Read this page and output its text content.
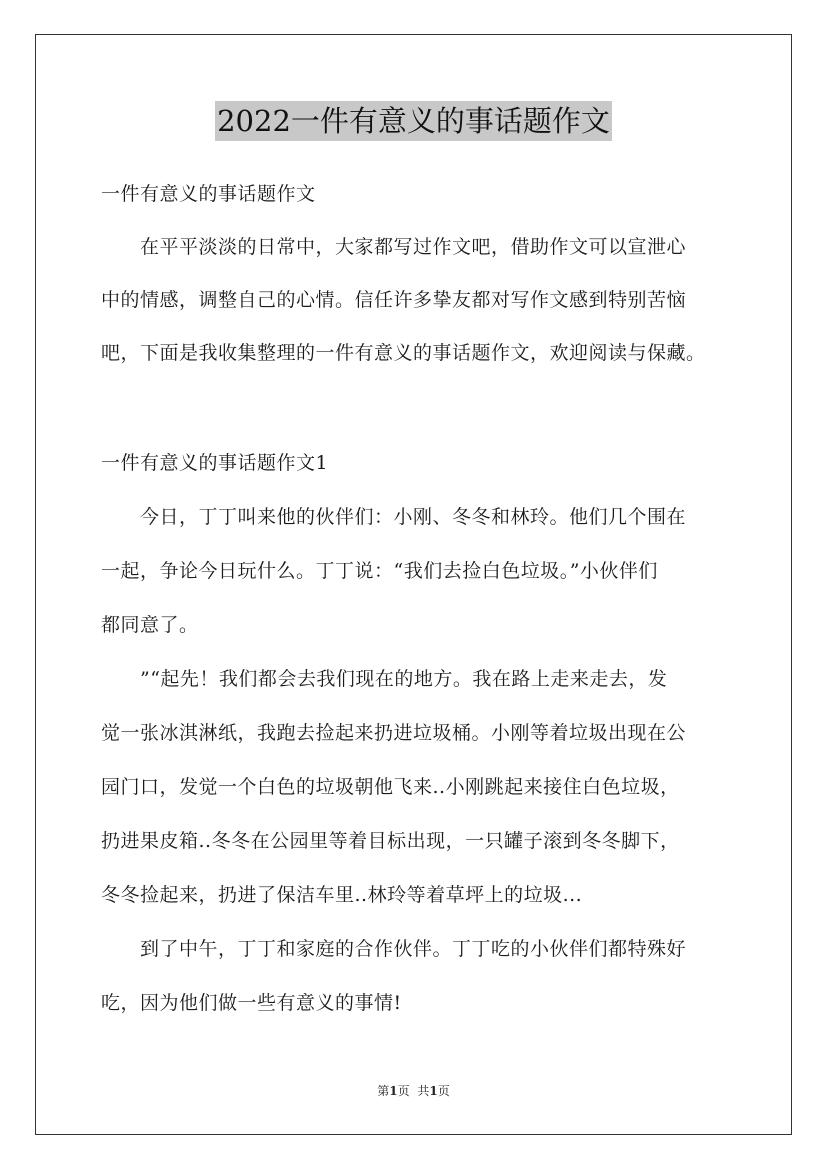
2022一件有意义的事话题作文
一件有意义的事话题作文
　　在平平淡淡的日常中，大家都写过作文吧，借助作文可以宣泄心
中的情感，调整自己的心情。信任许多挚友都对写作文感到特别苦恼
吧，下面是我收集整理的一件有意义的事话题作文，欢迎阅读与保藏。
一件有意义的事话题作文1
　　今日，丁丁叫来他的伙伴们：小刚、冬冬和林玲。他们几个围在
一起，争论今日玩什么。丁丁说：“我们去捡白色垃圾。”小伙伴们
都同意了。
　　”“起先！我们都会去我们现在的地方。我在路上走来走去，发
觉一张冰淇淋纸，我跑去捡起来扔进垃圾桶。小刚等着垃圾出现在公
园门口，发觉一个白色的垃圾朝他飞来..小刚跳起来接住白色垃圾，
扔进果皮箱..冬冬在公园里等着目标出现，一只罐子滚到冬冬脚下，
冬冬捡起来，扔进了保洁车里..林玲等着草坪上的垃圾...
　　到了中午，丁丁和家庭的合作伙伴。丁丁吃的小伙伴们都特殊好
吃，因为他们做一些有意义的事情!
第1页 共1页
